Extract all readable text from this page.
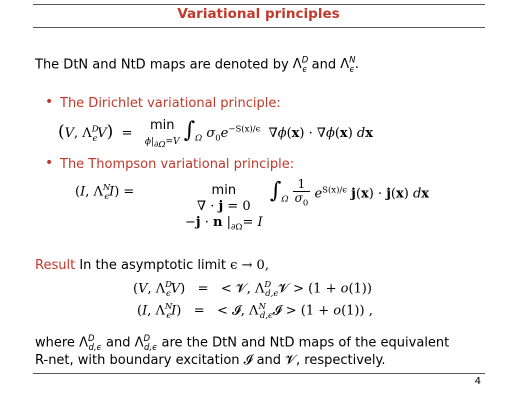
Variational principles
The DtN and NtD maps are denoted by $\Lambda^D_\epsilon$ and $\Lambda^N_\epsilon$.
• The Dirichlet variational principle:
(V, $\Lambda^D_\epsilon V) = \min$
$\phi|_{\partial\Omega}=V$ $\int_\Omega$ $\sigma_0e^{-S(x)/\epsilon}$  ∇ϕ(x) · ∇ϕ(x) dx
• The Thompson variational principle:
(I, $\Lambda^N_\epsilon I$) =	min
∇ · j = 0
−j · n $|_{\partial\Omega}= I$
$\int_\Omega \frac{1}{\sigma_0} e^{S(x)/\epsilon}$ j(x) · j(x) dx
Result In the asymptotic limit ϵ → 0,
(V, $\Lambda^D_\epsilon V$)   =   < 𝓥, $\Lambda^D_{d,\epsilon}𝓥 > (1 + o(1))$
(I, $\Lambda^N_\epsilon I$)   =   < 𝓘, $\Lambda^N_{d,\epsilon}𝓘 > (1 + o(1))$ ,
where $\Lambda^D_{d,\epsilon}$ and $\Lambda^D_{d,\epsilon}$ are the DtN and NtD maps of the equivalent
R-net, with boundary excitation 𝓘 and 𝓥, respectively.
4
